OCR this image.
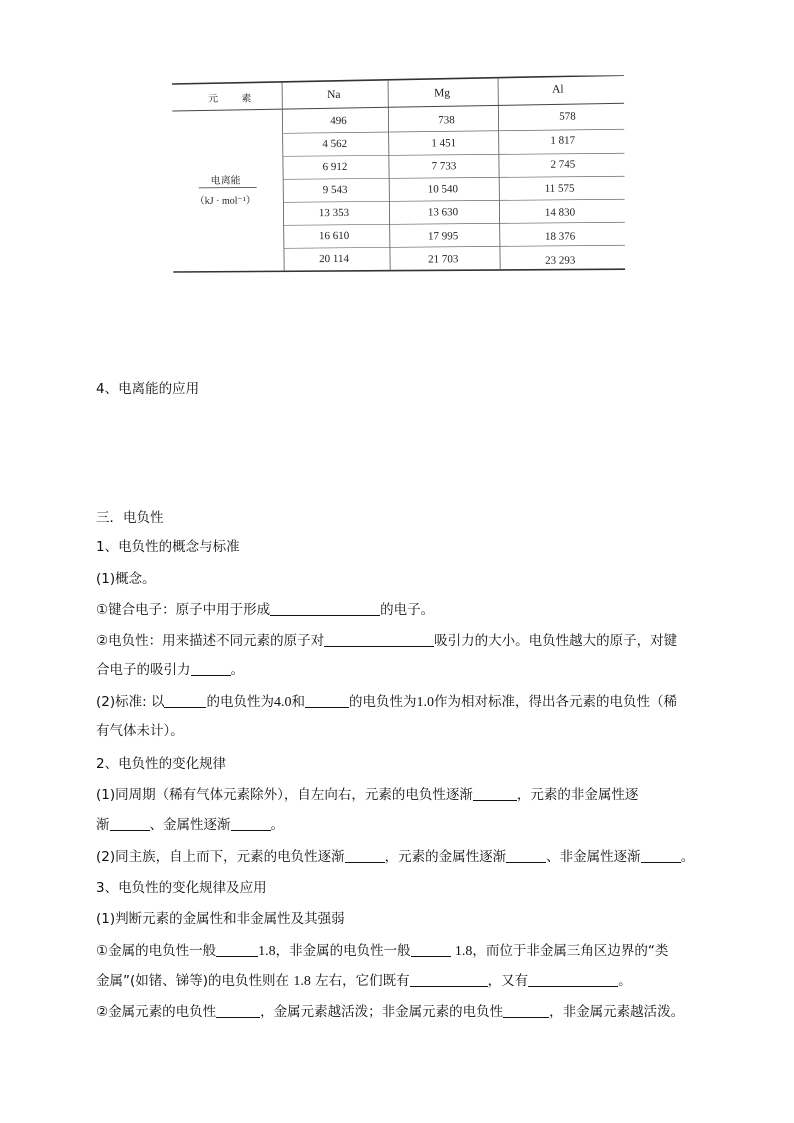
元 素	Na	Mg	Al
电离能
（kJ · mol⁻¹）
496	738	578
4 562	1 451	1 817
6 912	7 733	2 745
9 543	10 540	11 575
13 353	13 630	14 830
16 610	17 995	18 376
20 114	21 703	23 293
4、电离能的应用
三．电负性
1、电负性的概念与标准
(1)概念。
①键合电子：原子中用于形成	的电子。
②电负性：用来描述不同元素的原子对	吸引力的大小。电负性越大的原子，对键
合电子的吸引力	。
(2)标准: 以	的电负性为4.0和	的电负性为1.0作为相对标准，得出各元素的电负性（稀
有气体未计）。
2、电负性的变化规律
(1)同周期（稀有气体元素除外），自左向右，元素的电负性逐渐	，元素的非金属性逐
渐	、金属性逐渐	。
(2)同主族，自上而下，元素的电负性逐渐	，元素的金属性逐渐	、非金属性逐渐	。
3、电负性的变化规律及应用
(1)判断元素的金属性和非金属性及其强弱
①金属的电负性一般	1.8，非金属的电负性一般	1.8，而位于非金属三角区边界的“类
金属”(如锗、锑等)的电负性则在 1.8 左右，它们既有	，又有	。
②金属元素的电负性	，金属元素越活泼；非金属元素的电负性	，非金属元素越活泼。
